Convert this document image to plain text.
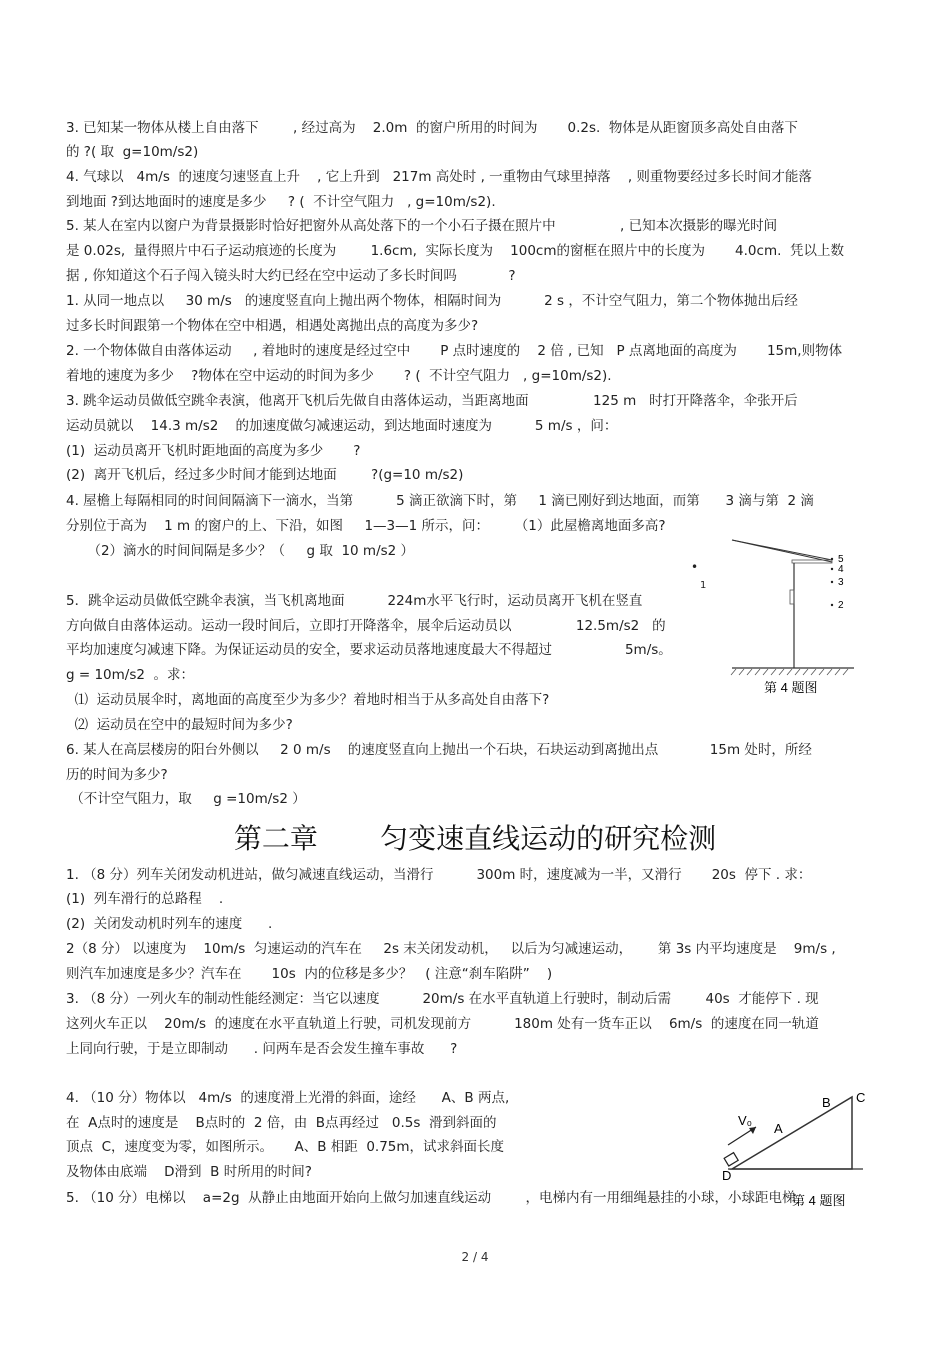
3. 已知某一物体从楼上自由落下        , 经过高为    2.0m  的窗户所用的时间为       0.2s.  物体是从距窗顶多高处自由落下
的 ?( 取  g=10m/s2)
4. 气球以   4m/s  的速度匀速竖直上升    , 它上升到   217m 高处时 , 一重物由气球里掉落    , 则重物要经过多长时间才能落
到地面 ?到达地面时的速度是多少     ? (  不计空气阻力   , g=10m/s2).
5. 某人在室内以窗户为背景摄影时恰好把窗外从高处落下的一个小石子摄在照片中               , 已知本次摄影的曝光时间
是 0.02s,  量得照片中石子运动痕迹的长度为        1.6cm,  实际长度为    100cm的窗框在照片中的长度为       4.0cm.  凭以上数
据 , 你知道这个石子闯入镜头时大约已经在空中运动了多长时间吗            ?
1. 从同一地点以     30 m/s   的速度竖直向上抛出两个物体，相隔时间为          2 s ，不计空气阻力，第二个物体抛出后经
过多长时间跟第一个物体在空中相遇，相遇处离抛出点的高度为多少?
2. 一个物体做自由落体运动     , 着地时的速度是经过空中       P 点时速度的    2 倍 , 已知   P 点离地面的高度为       15m,则物体
着地的速度为多少    ?物体在空中运动的时间为多少       ? (  不计空气阻力   , g=10m/s2).
3. 跳伞运动员做低空跳伞表演，他离开飞机后先做自由落体运动，当距离地面               125 m   时打开降落伞，伞张开后
运动员就以    14.3 m/s2    的加速度做匀减速运动，到达地面时速度为          5 m/s ，问：
(1)  运动员离开飞机时距地面的高度为多少       ?
(2)  离开飞机后，经过多少时间才能到达地面        ?(g=10 m/s2)
4. 屋檐上每隔相同的时间间隔滴下一滴水，当第          5 滴正欲滴下时，第     1 滴已刚好到达地面，而第      3 滴与第  2 滴
分别位于高为    1 m 的窗户的上、下沿，如图     1—3—1 所示，问：      （1）此屋檐离地面多高?
（2）滴水的时间间隔是多少？（     g 取  10 m/s2 ）
5．跳伞运动员做低空跳伞表演，当飞机离地面          224m水平飞行时，运动员离开飞机在竖直
方向做自由落体运动。运动一段时间后，立即打开降落伞，展伞后运动员以               12.5m/s2   的
平均加速度匀减速下降。为保证运动员的安全，要求运动员落地速度最大不得超过                 5m/s。
g = 10m/s2  。求：
⑴  运动员展伞时，离地面的高度至少为多少？着地时相当于从多高处自由落下?
⑵  运动员在空中的最短时间为多少?
6. 某人在高层楼房的阳台外侧以     2 0 m/s    的速度竖直向上抛出一个石块，石块运动到离抛出点            15m 处时，所经
历的时间为多少?
（不计空气阻力，取     g =10m/s2 ）
1. （8 分）列车关闭发动机进站，做匀减速直线运动，当滑行          300m 时，速度减为一半，又滑行       20s  停下 . 求：
(1)  列车滑行的总路程    .
(2)  关闭发动机时列车的速度      .
2（8 分） 以速度为    10m/s  匀速运动的汽车在     2s 末关闭发动机，   以后为匀减速运动，      第 3s 内平均速度是    9m/s ,
则汽车加速度是多少？汽车在       10s  内的位移是多少？   ( 注意“刹车陷阱”    )
3. （8 分）一列火车的制动性能经测定：当它以速度          20m/s 在水平直轨道上行驶时，制动后需        40s  才能停下 . 现
这列火车正以    20m/s  的速度在水平直轨道上行驶，司机发现前方          180m 处有一货车正以    6m/s  的速度在同一轨道
上同向行驶，于是立即制动      . 问两车是否会发生撞车事故      ?
4. （10 分）物体以   4m/s  的速度滑上光滑的斜面，途经      A、B 两点,
在  A点时的速度是    B点时的  2 倍，由  B点再经过   0.5s  滑到斜面的
顶点  C，速度变为零，如图所示。     A、B 相距  0.75m，试求斜面长度
及物体由底端    D滑到  B 时所用的时间?
5. （10 分）电梯以    a=2g  从静止由地面开始向上做匀加速直线运动        ，电梯内有一用细绳悬挂的小球，小球距电梯
第二章       匀变速直线运动的研究检测
5
4
3
2
第 4 题图
•
1
V₀
A
B C
D
第 4 题图
2 / 4
